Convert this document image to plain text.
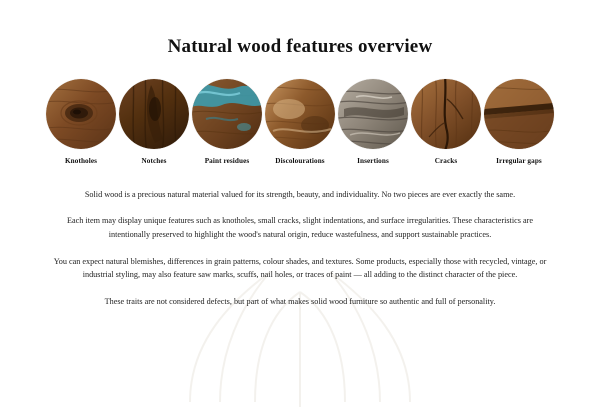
Natural wood features overview
Knotholes	Notches	Paint residues	Discolourations	Insertions	Cracks	Irregular gaps

Solid wood is a precious natural material valued for its strength, beauty, and individuality. No two pieces are ever exactly the same.

Each item may display unique features such as knotholes, small cracks, slight indentations, and surface irregularities. These characteristics are intentionally preserved to highlight the wood's natural origin, reduce wastefulness, and support sustainable practices.

You can expect natural blemishes, differences in grain patterns, colour shades, and textures. Some products, especially those with recycled, vintage, or industrial styling, may also feature saw marks, scuffs, nail holes, or traces of paint — all adding to the distinct character of the piece.

These traits are not considered defects, but part of what makes solid wood furniture so authentic and full of personality.
